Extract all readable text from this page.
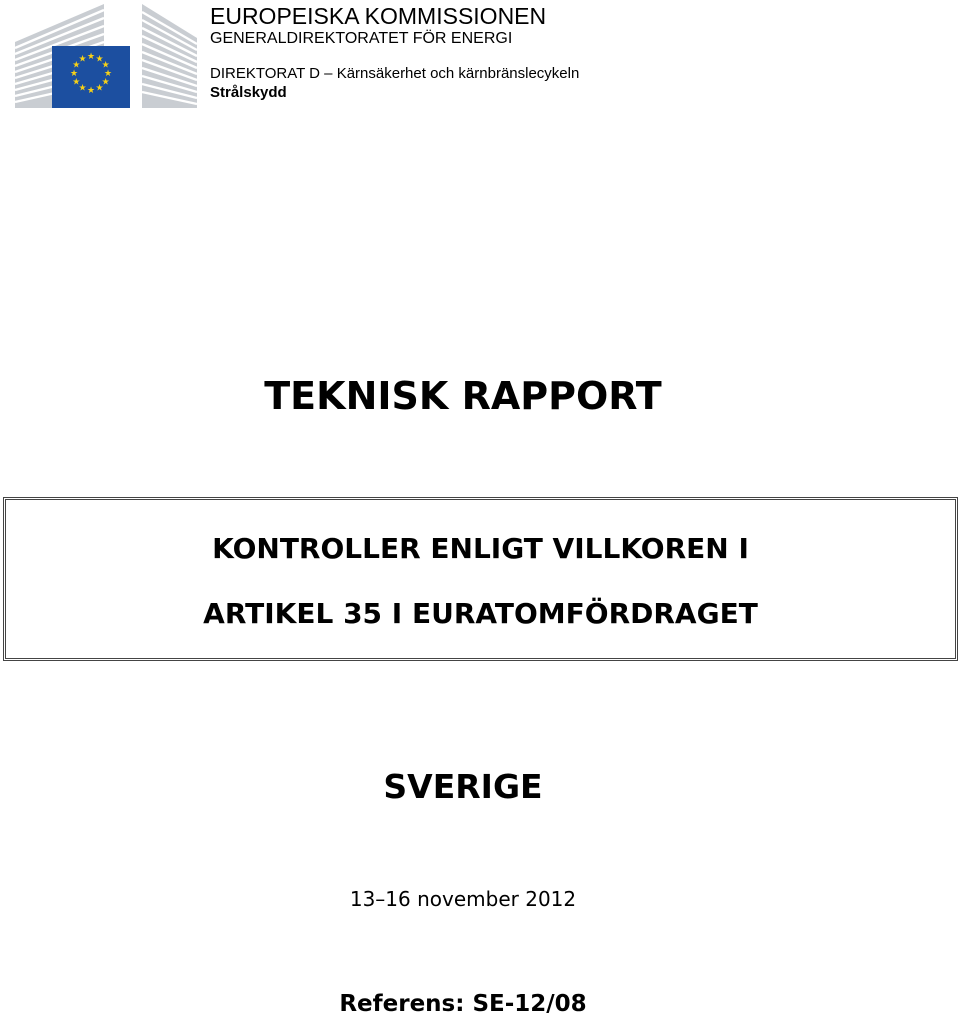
★ ★
★
★
★
★
★
★
★
★
★
★
EUROPEISKA KOMMISSIONEN
GENERALDIREKTORATET FÖR ENERGI
DIREKTORAT D – Kärnsäkerhet och kärnbränslecykeln
Strålskydd
TEKNISK RAPPORT
KONTROLLER ENLIGT VILLKOREN I
ARTIKEL 35 I EURATOMFÖRDRAGET
SVERIGE
13–16 november 2012
Referens: SE-12/08
